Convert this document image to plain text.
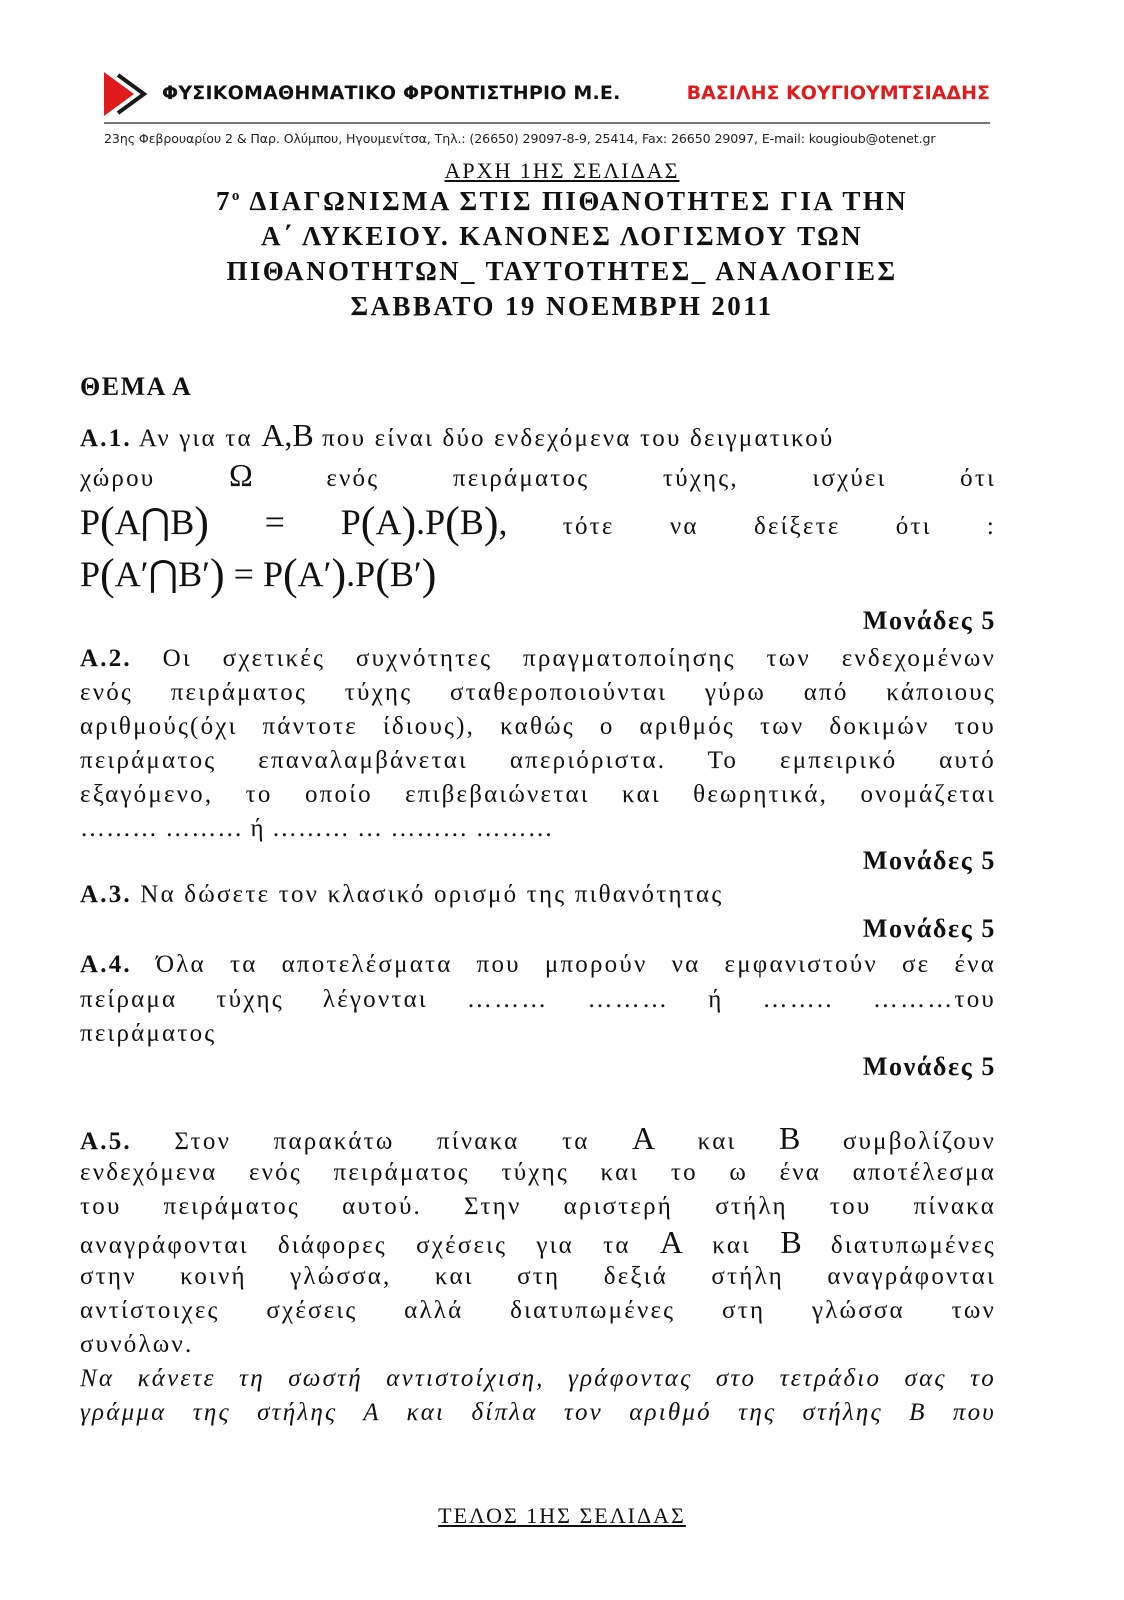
ΦΥΣΙΚΟΜΑΘΗΜΑΤΙΚΟ ΦΡΟΝΤΙΣΤΗΡΙΟ Μ.Ε.	ΒΑΣΙΛΗΣ ΚΟΥΓΙΟΥΜΤΣΙΑΔΗΣ
23ης Φεβρουαρίου 2 & Παρ. Ολύμπου, Ηγουμενίτσα, Τηλ.: (26650) 29097-8-9, 25414, Fax: 26650 29097, E-mail: kougioub@otenet.gr
ΑΡΧΗ 1ΗΣ ΣΕΛΙΔΑΣ
$7^o$ ΔΙΑΓΩΝΙΣΜΑ ΣΤΙΣ ΠΙΘΑΝΟΤΗΤΕΣ ΓΙΑ ΤΗΝ
Α΄ ΛΥΚΕΙΟΥ. ΚΑΝΟΝΕΣ ΛΟΓΙΣΜΟΥ ΤΩΝ
ΠΙΘΑΝΟΤΗΤΩΝ_ ΤΑΥΤΟΤΗΤΕΣ_ ΑΝΑΛΟΓΙΕΣ
ΣΑΒΒΑΤΟ 19 ΝΟΕΜΒΡΗ 2011
ΘΕΜΑ Α
Α.1. Αν για τα Α,Β που είναι δύο ενδεχόμενα του δειγματικού
χώρου Ω	ενός	πειράματος	τύχης,	ισχύει	ότι
Ρ(Α⋂Β) = Ρ(Α).Ρ(Β), τότε να δείξετε ότι :
Ρ(Α′⋂Β′) = Ρ(Α′).Ρ(Β′)
Μονάδες 5
Α.2. Οι σχετικές συχνότητες πραγματοποίησης των ενδεχομένων
ενός πειράματος τύχης σταθεροποιούνται γύρω από κάποιους
αριθμούς(όχι πάντοτε ίδιους), καθώς ο αριθμός των δοκιμών του
πειράματος επαναλαμβάνεται απεριόριστα. Το εμπειρικό αυτό
εξαγόμενο, το οποίο επιβεβαιώνεται και θεωρητικά, ονομάζεται
……… ……… ή ……… … ……… ………
Μονάδες 5
Α.3. Να δώσετε τον κλασικό ορισμό της πιθανότητας
Μονάδες 5
Α.4. Όλα τα αποτελέσματα που μπορούν να εμφανιστούν σε ένα
πείραμα τύχης λέγονται ……… ……… ή …….. ………του
πειράματος
Μονάδες 5
Α.5. Στον παρακάτω πίνακα τα Α και Β συμβολίζουν
ενδεχόμενα ενός πειράματος τύχης και το ω ένα αποτέλεσμα
του πειράματος αυτού. Στην αριστερή στήλη του πίνακα
αναγράφονται διάφορες σχέσεις για τα Α και Β διατυπωμένες
στην κοινή γλώσσα, και στη δεξιά στήλη αναγράφονται
αντίστοιχες σχέσεις αλλά διατυπωμένες στη γλώσσα των
συνόλων.
Να κάνετε τη σωστή αντιστοίχιση, γράφοντας στο τετράδιο σας το
γράμμα της στήλης Α και δίπλα τον αριθμό της στήλης Β που
ΤΕΛΟΣ 1ΗΣ ΣΕΛΙΔΑΣ
